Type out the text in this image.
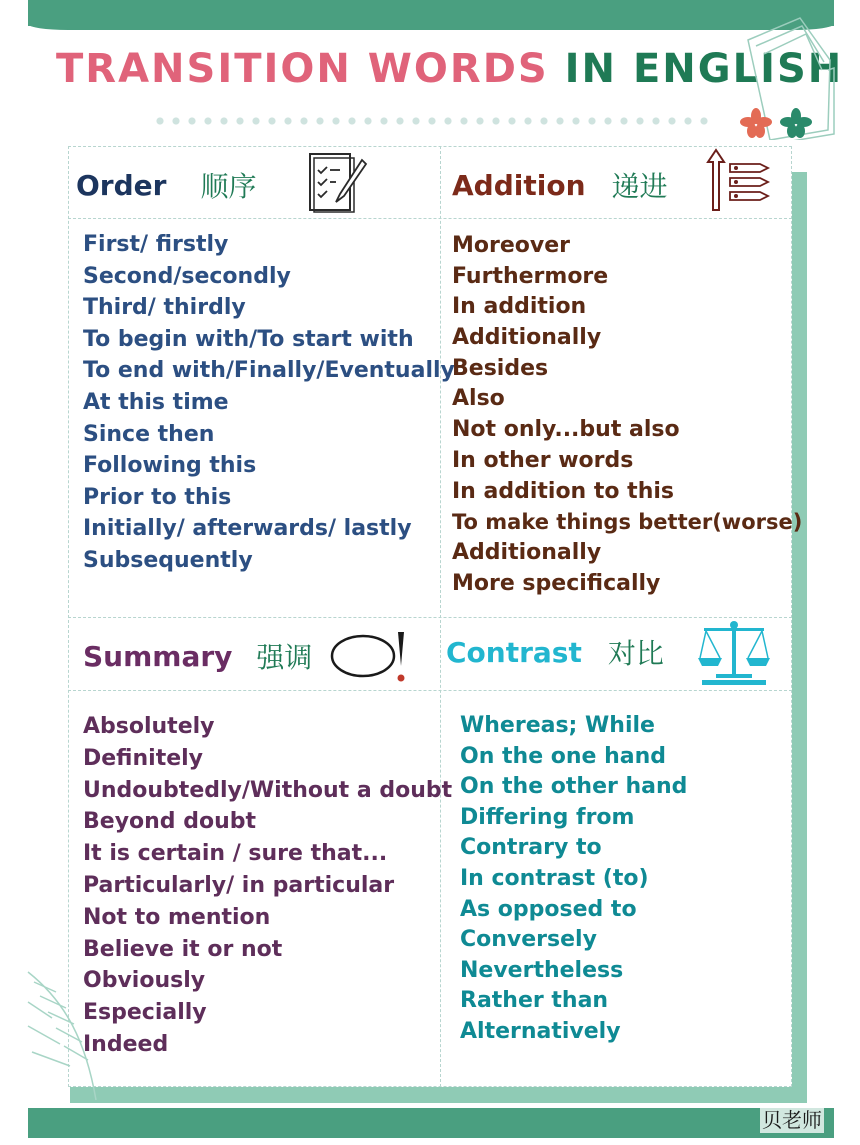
TRANSITION WORDS IN ENGLISH
Order 顺序
First/ firstly
Second/secondly
Third/ thirdly
To begin with/To start with
To end with/Finally/Eventually
At this time
Since then
Following this
Prior to this
Initially/ afterwards/ lastly
Subsequently
Addition 递进
Moreover
Furthermore
In addition
Additionally
Besides
Also
Not only...but also
In other words
In addition to this
To make things better(worse)
Additionally
More specifically
Summary 强调
Absolutely
Definitely
Undoubtedly/Without a doubt
Beyond doubt
It is certain / sure that...
Particularly/ in particular
Not to mention
Believe it or not
Obviously
Especially
Indeed
Contrast 对比
Whereas; While
On the one hand
On the other hand
Differing from
Contrary to
In contrast (to)
As opposed to
Conversely
Nevertheless
Rather than
Alternatively
贝老师
